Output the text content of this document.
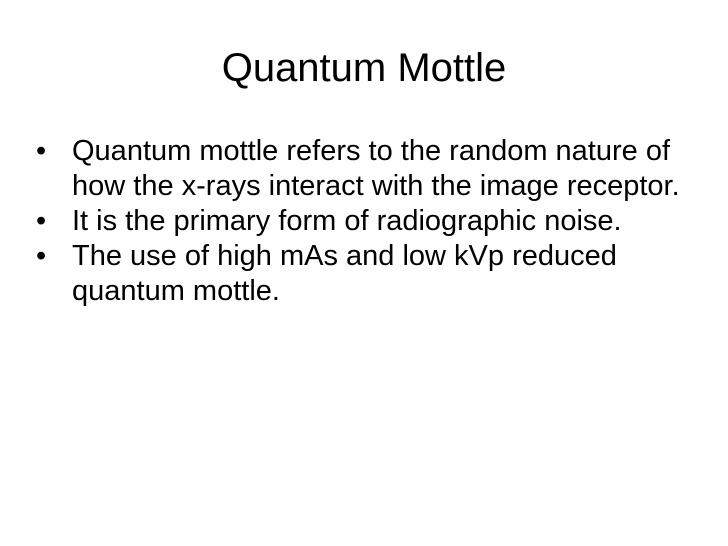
Quantum Mottle
• Quantum mottle refers to the random nature of how the x-rays interact with the image receptor.
• It is the primary form of radiographic noise.
• The use of high mAs and low kVp reduced quantum mottle.
